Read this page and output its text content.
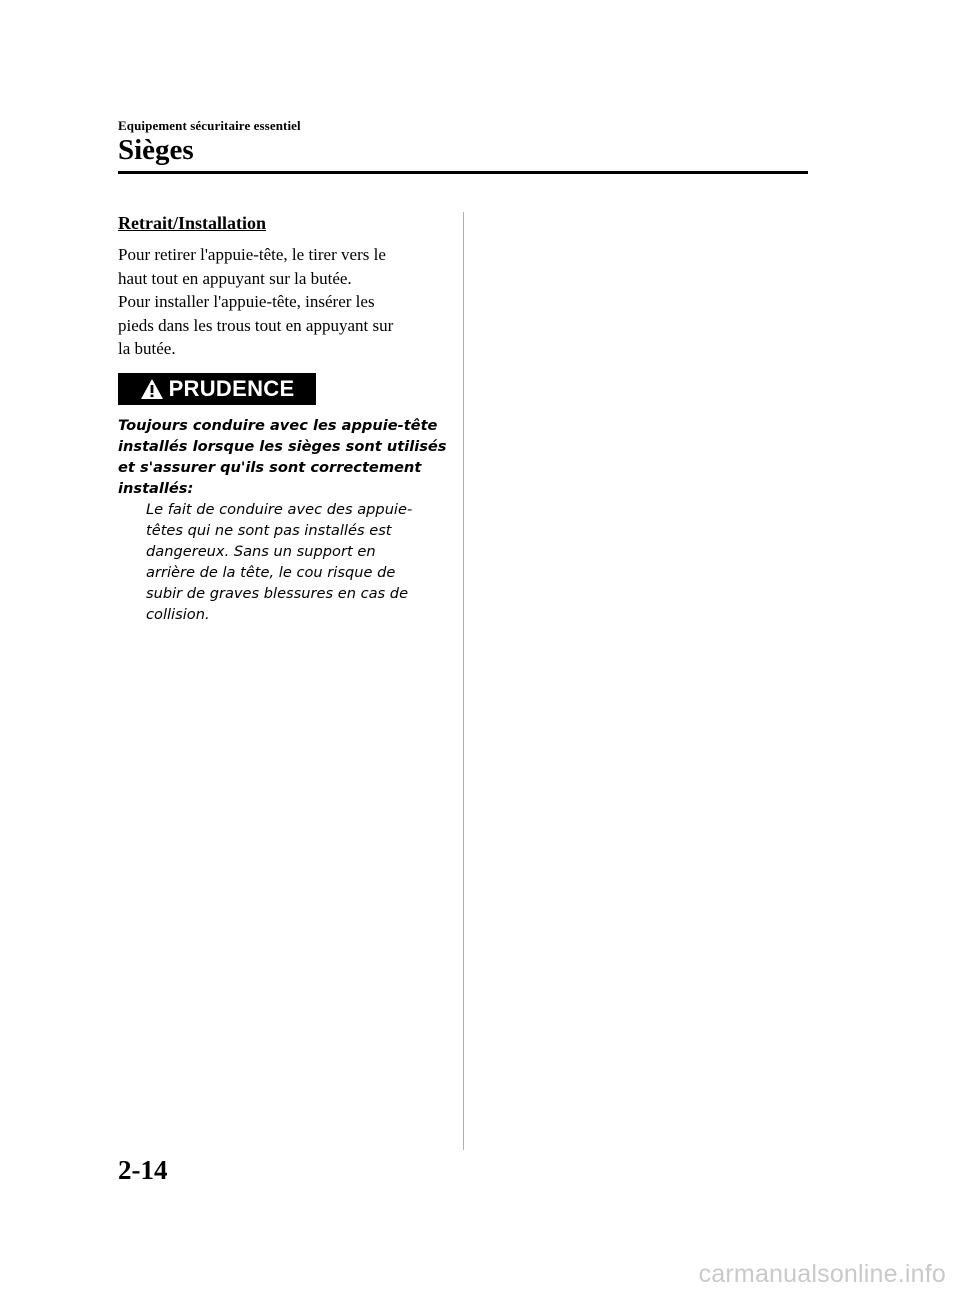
Equipement sécuritaire essentiel
Sièges
Retrait/Installation

Pour retirer l'appuie-tête, le tirer vers le

haut tout en appuyant sur la butée.

Pour installer l'appuie-tête, insérer les

pieds dans les trous tout en appuyant sur

la butée.

PRUDENCE
Toujours conduire avec les appuie-tête
installés lorsque les sièges sont utilisés
et s'assurer qu'ils sont correctement
installés:
Le fait de conduire avec des appuie-
têtes qui ne sont pas installés est
dangereux. Sans un support en
arrière de la tête, le cou risque de
subir de graves blessures en cas de
collision.
2-14
carmanualsonline.info
